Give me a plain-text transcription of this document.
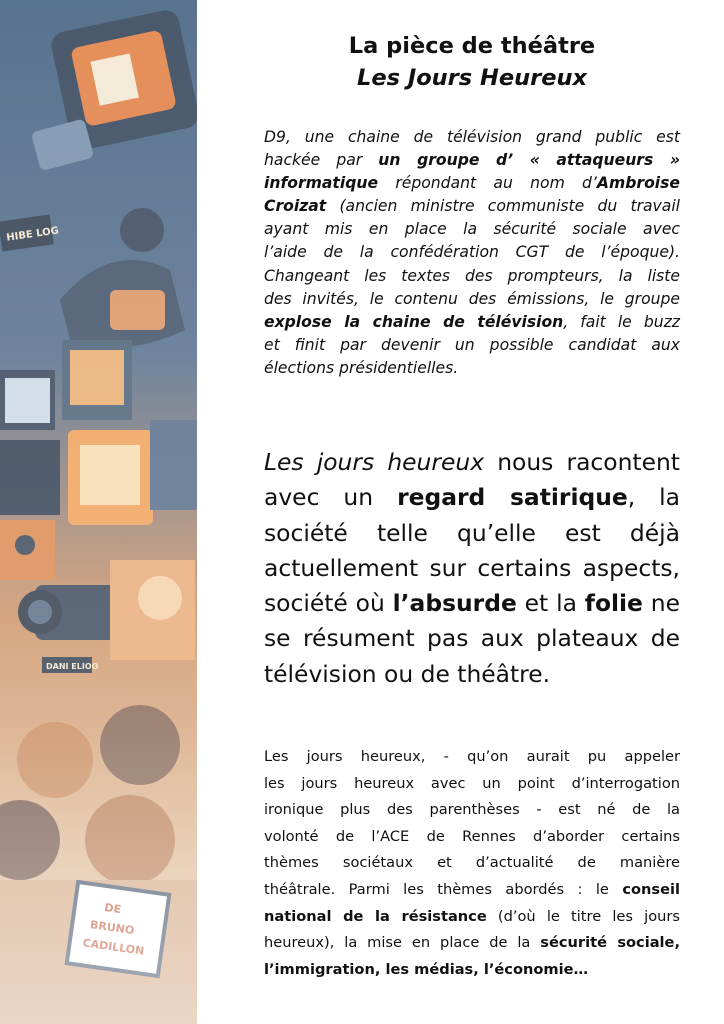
La pièce de théâtre
Les Jours Heureux

D9, une chaine de télévision grand public est
hackée par un groupe d’ « attaqueurs »
informatique répondant au nom d’Ambroise
Croizat (ancien ministre communiste du travail
ayant mis en place la sécurité sociale avec
l’aide de la confédération CGT de l’époque).
Changeant les textes des prompteurs, la liste
des invités, le contenu des émissions, le groupe
explose la chaine de télévision, fait le buzz
et finit par devenir un possible candidat aux
élections présidentielles.

Les jours heureux nous racontent
avec un regard satirique, la
société telle qu’elle est déjà
actuellement sur certains aspects,
société où l’absurde et la folie ne
se résument pas aux plateaux de
télévision ou de théâtre.

Les jours heureux, - qu’on aurait pu appeler
les jours heureux avec un point d’interrogation
ironique plus des parenthèses - est né de la
volonté de l’ACE de Rennes d’aborder certains
thèmes sociétaux et d’actualité de manière
théâtrale. Parmi les thèmes abordés : le conseil
national de la résistance (d’où le titre les jours
heureux), la mise en place de la sécurité sociale,
l’immigration, les médias, l’économie…
